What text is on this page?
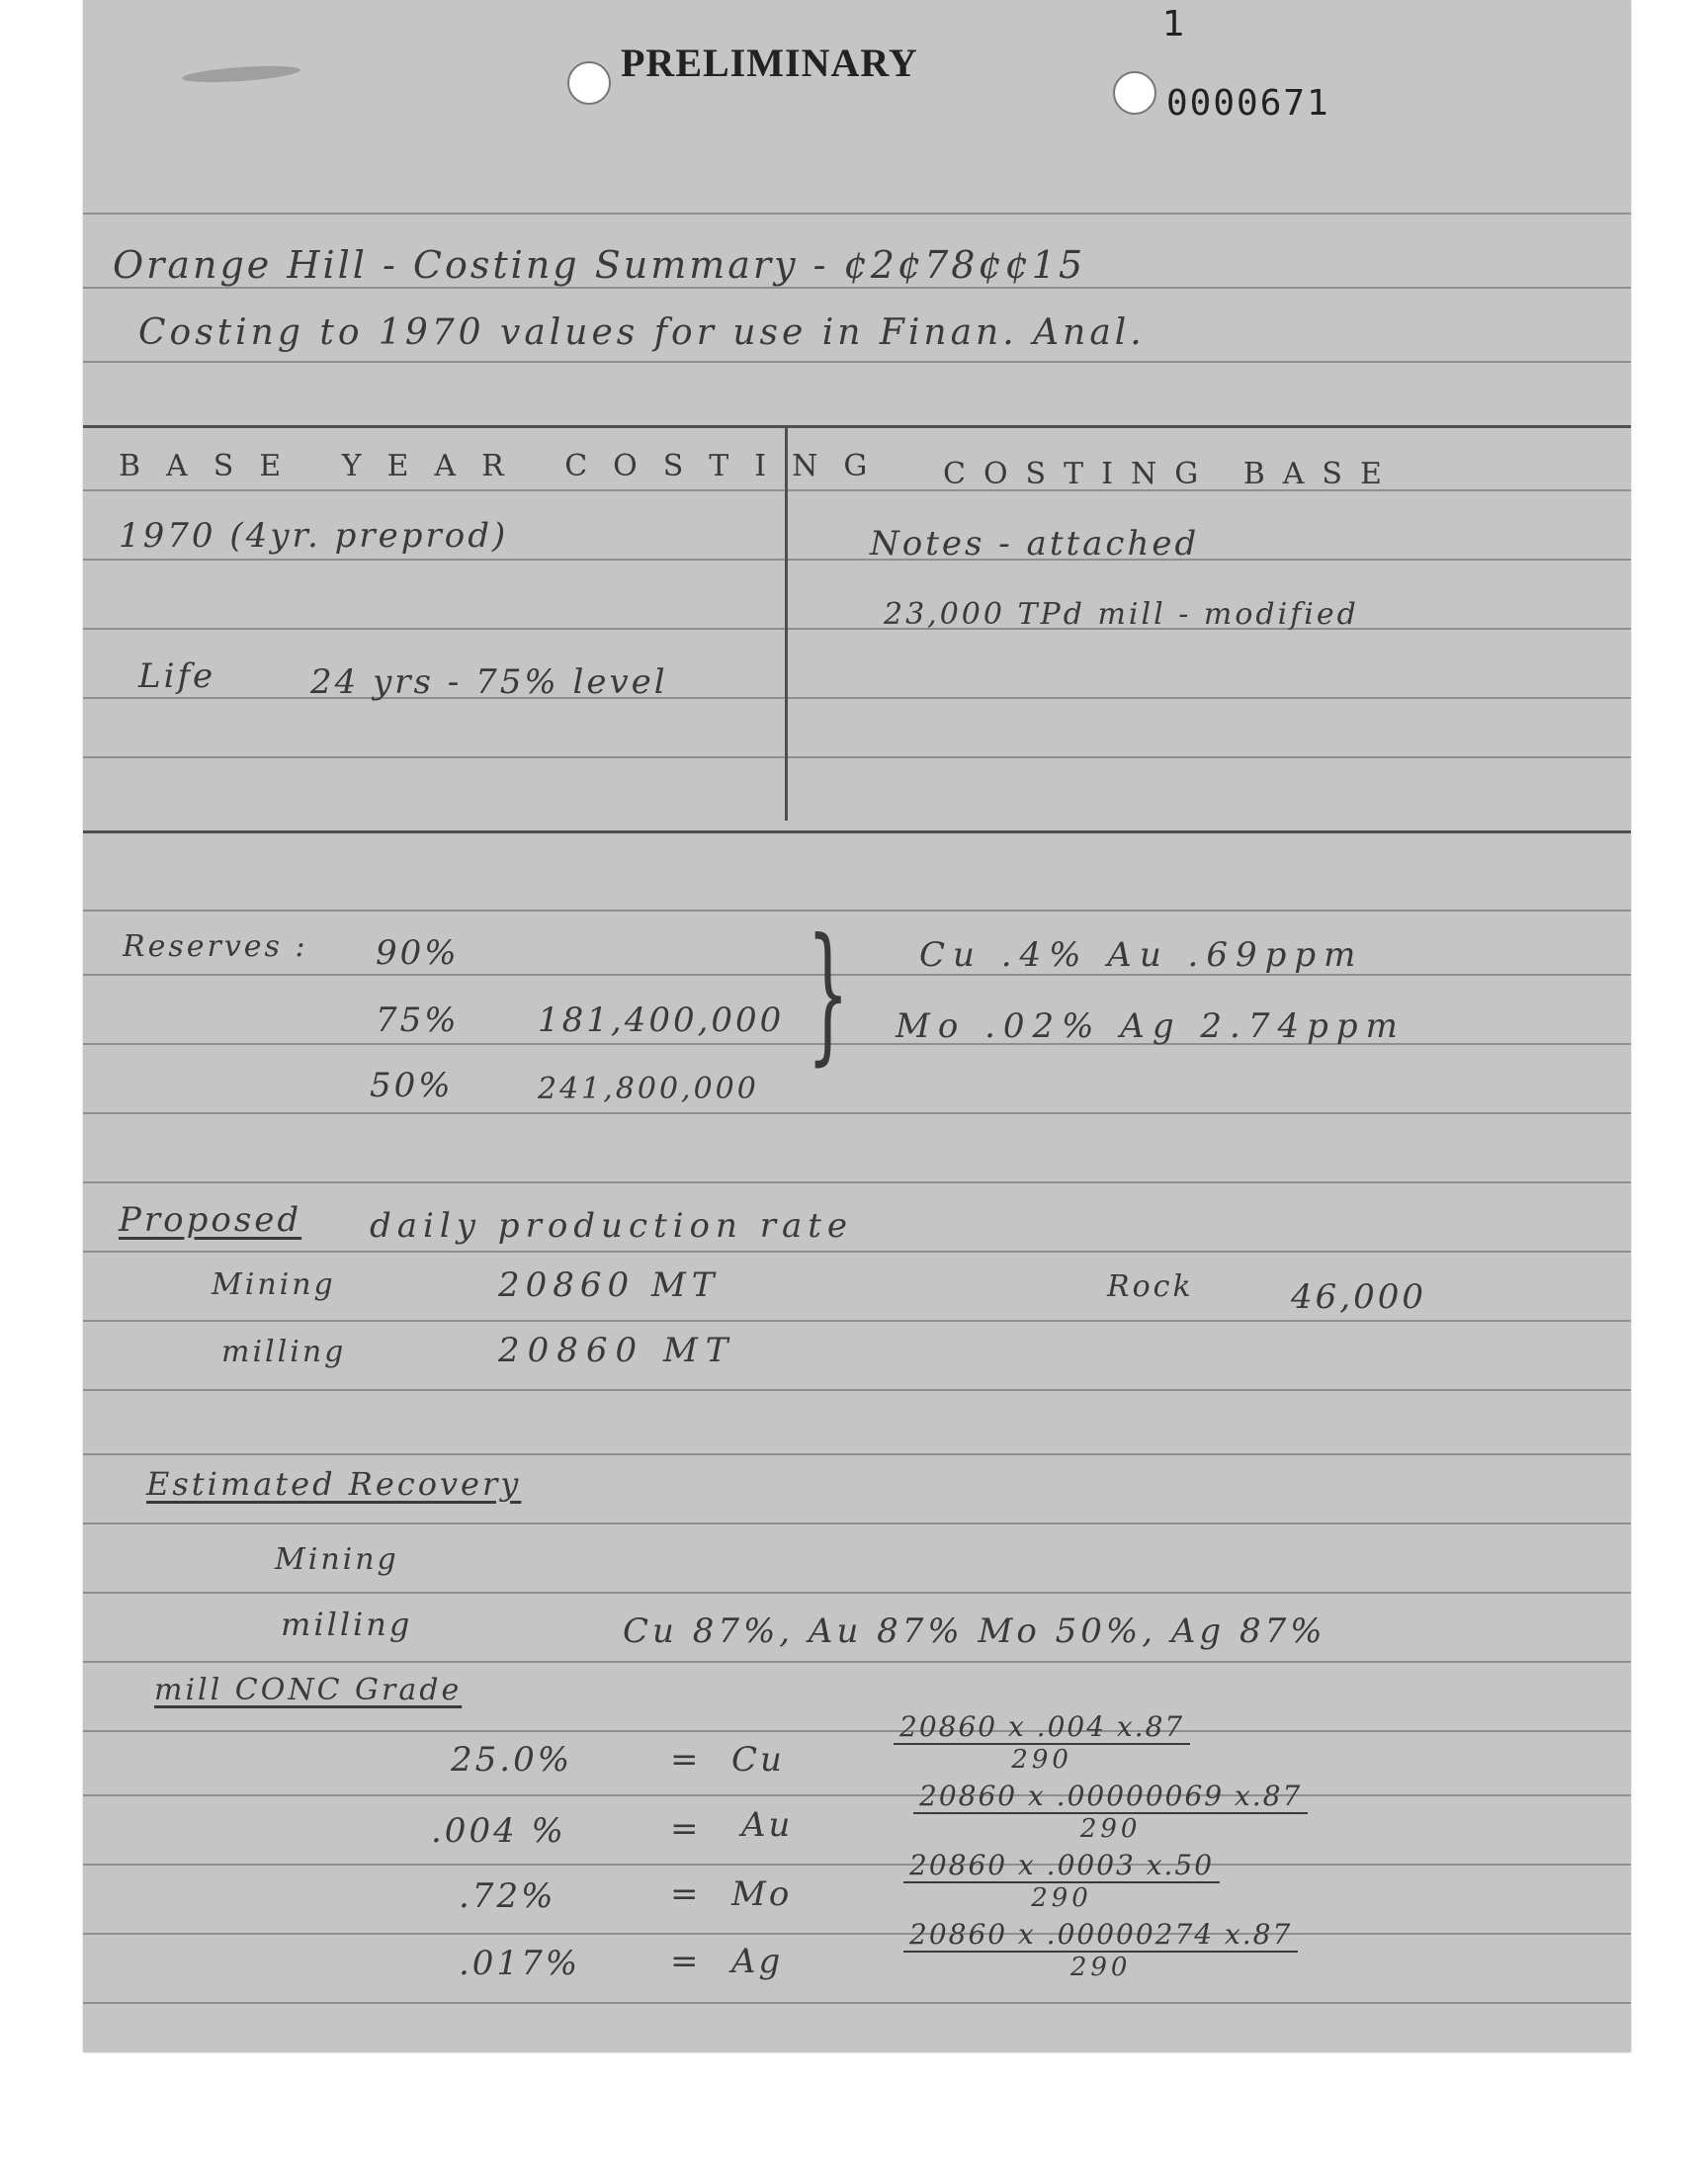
PRELIMINARY
0000671
1
Orange Hill - Costing Summary - ¢2¢78¢¢15
Costing to 1970 values for use in Finan. Anal.
BASE YEAR COSTING
1970 (4yr. preprod)
Life	24 yrs - 75% level
COSTING BASE
Notes - attached
23,000 TPd mill - modified
Reserves : 90%
75% 181,400,000
50%	241,800,000
} Cu .4% Au .69ppm
Mo .02% Ag 2.74ppm
Proposed daily production rate
Mining	20860 MT
milling	20860 MT
Rock	46,000
Estimated Recovery
Mining
milling	Cu 87%, Au 87% Mo 50%, Ag 87%
mill CONC Grade
25.0%	= Cu	$\frac{20860 x .004 x.87}{290}$
.004 %	= Au	$\frac{20860 x .00000069 x.87}{290}$
.72%	= Mo	$\frac{20860 x .0003 x.50}{290}$
.017%	= Ag	$\frac{20860 x .00000274 x.87}{290}$
